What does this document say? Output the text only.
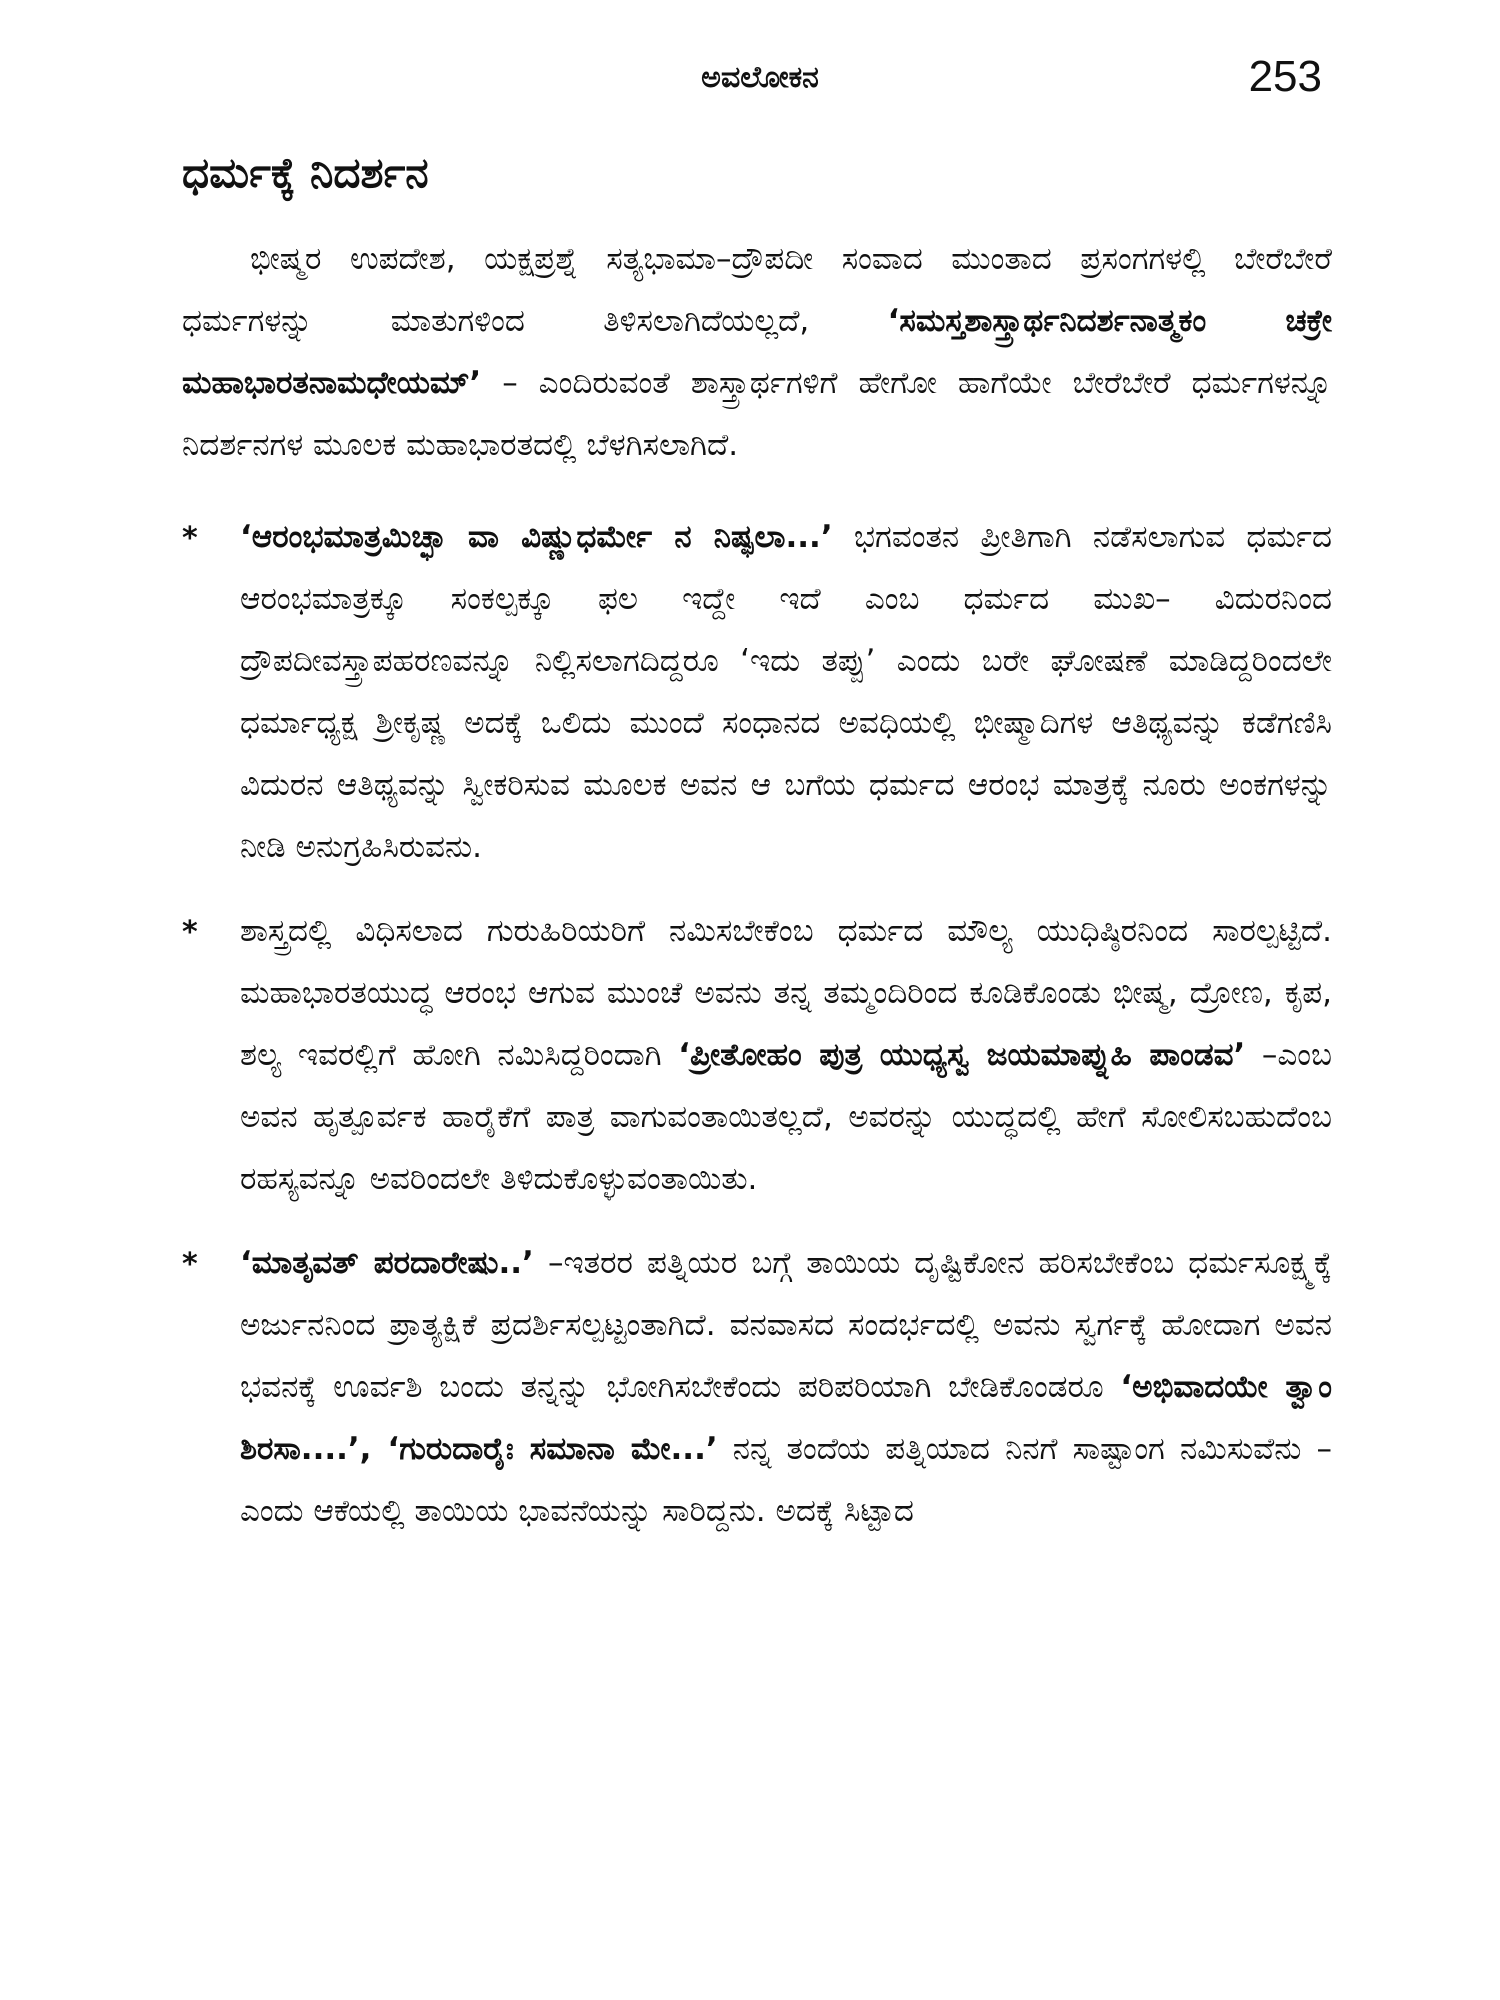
ಅವಲೋಕನ	253
ಧರ್ಮಕ್ಕೆ ನಿದರ್ಶನ

ಭೀಷ್ಮರ ಉಪದೇಶ, ಯಕ್ಷಪ್ರಶ್ನೆ ಸತ್ಯಭಾಮಾ–ದ್ರೌಪದೀ ಸಂವಾದ ಮುಂತಾದ ಪ್ರಸಂಗಗಳಲ್ಲಿ ಬೇರೆಬೇರೆ ಧರ್ಮಗಳನ್ನು ಮಾತುಗಳಿಂದ ತಿಳಿಸಲಾಗಿದೆಯಲ್ಲದೆ, ‘ಸಮಸ್ತಶಾಸ್ತ್ರಾರ್ಥನಿದರ್ಶನಾತ್ಮಕಂ ಚಕ್ರೇ ಮಹಾಭಾರತನಾಮಧೇಯಮ್’ – ಎಂದಿರುವಂತೆ ಶಾಸ್ತ್ರಾರ್ಥಗಳಿಗೆ ಹೇಗೋ ಹಾಗೆಯೇ ಬೇರೆಬೇರೆ ಧರ್ಮಗಳನ್ನೂ ನಿದರ್ಶನಗಳ ಮೂಲಕ ಮಹಾಭಾರತದಲ್ಲಿ ಬೆಳಗಿಸಲಾಗಿದೆ.

* ‘ಆರಂಭಮಾತ್ರಮಿಚ್ಛಾ ವಾ ವಿಷ್ಣುಧರ್ಮೇ ನ ನಿಷ್ಫಲಾ...’ ಭಗವಂತನ ಪ್ರೀತಿಗಾಗಿ ನಡೆಸಲಾಗುವ ಧರ್ಮದ ಆರಂಭಮಾತ್ರಕ್ಕೂ ಸಂಕಲ್ಪಕ್ಕೂ ಫಲ ಇದ್ದೇ ಇದೆ ಎಂಬ ಧರ್ಮದ ಮುಖ– ವಿದುರನಿಂದ ದ್ರೌಪದೀವಸ್ತ್ರಾಪಹರಣವನ್ನೂ ನಿಲ್ಲಿಸಲಾಗದಿದ್ದರೂ ‘ಇದು ತಪ್ಪು’ ಎಂದು ಬರೇ ಘೋಷಣೆ ಮಾಡಿದ್ದರಿಂದಲೇ ಧರ್ಮಾಧ್ಯಕ್ಷ ಶ್ರೀಕೃಷ್ಣ ಅದಕ್ಕೆ ಒಲಿದು ಮುಂದೆ ಸಂಧಾನದ ಅವಧಿಯಲ್ಲಿ ಭೀಷ್ಮಾದಿಗಳ ಆತಿಥ್ಯವನ್ನು ಕಡೆಗಣಿಸಿ ವಿದುರನ ಆತಿಥ್ಯವನ್ನು ಸ್ವೀಕರಿಸುವ ಮೂಲಕ ಅವನ ಆ ಬಗೆಯ ಧರ್ಮದ ಆರಂಭ ಮಾತ್ರಕ್ಕೆ ನೂರು ಅಂಕಗಳನ್ನು ನೀಡಿ ಅನುಗ್ರಹಿಸಿರುವನು.
* ಶಾಸ್ತ್ರದಲ್ಲಿ ವಿಧಿಸಲಾದ ಗುರುಹಿರಿಯರಿಗೆ ನಮಿಸಬೇಕೆಂಬ ಧರ್ಮದ ಮೌಲ್ಯ ಯುಧಿಷ್ಠಿರನಿಂದ ಸಾರಲ್ಪಟ್ಟಿದೆ. ಮಹಾಭಾರತಯುದ್ಧ ಆರಂಭ ಆಗುವ ಮುಂಚೆ ಅವನು ತನ್ನ ತಮ್ಮಂದಿರಿಂದ ಕೂಡಿಕೊಂಡು ಭೀಷ್ಮ, ದ್ರೋಣ, ಕೃಪ, ಶಲ್ಯ ಇವರಲ್ಲಿಗೆ ಹೋಗಿ ನಮಿಸಿದ್ದರಿಂದಾಗಿ ‘ಪ್ರೀತೋಹಂ ಪುತ್ರ ಯುಧ್ಯಸ್ವ ಜಯಮಾಪ್ನುಹಿ ಪಾಂಡವ’ –ಎಂಬ ಅವನ ಹೃತ್ಪೂರ್ವಕ ಹಾರೈಕೆಗೆ ಪಾತ್ರ ವಾಗುವಂತಾಯಿತಲ್ಲದೆ, ಅವರನ್ನು ಯುದ್ಧದಲ್ಲಿ ಹೇಗೆ ಸೋಲಿಸಬಹುದೆಂಬ ರಹಸ್ಯವನ್ನೂ ಅವರಿಂದಲೇ ತಿಳಿದುಕೊಳ್ಳುವಂತಾಯಿತು.
* ‘ಮಾತೃವತ್ ಪರದಾರೇಷು..’ –ಇತರರ ಪತ್ನಿಯರ ಬಗ್ಗೆ ತಾಯಿಯ ದೃಷ್ಟಿಕೋನ ಹರಿಸಬೇಕೆಂಬ ಧರ್ಮಸೂಕ್ಷ್ಮಕ್ಕೆ ಅರ್ಜುನನಿಂದ ಪ್ರಾತ್ಯಕ್ಷಿಕೆ ಪ್ರದರ್ಶಿಸಲ್ಪಟ್ಟಂತಾಗಿದೆ. ವನವಾಸದ ಸಂದರ್ಭದಲ್ಲಿ ಅವನು ಸ್ವರ್ಗಕ್ಕೆ ಹೋದಾಗ ಅವನ ಭವನಕ್ಕೆ ಊರ್ವಶಿ ಬಂದು ತನ್ನನ್ನು ಭೋಗಿಸಬೇಕೆಂದು ಪರಿಪರಿಯಾಗಿ ಬೇಡಿಕೊಂಡರೂ ‘ಅಭಿವಾದಯೇ ತ್ವಾಂ ಶಿರಸಾ....’, ‘ಗುರುದಾರೈಃ ಸಮಾನಾ ಮೇ...’ ನನ್ನ ತಂದೆಯ ಪತ್ನಿಯಾದ ನಿನಗೆ ಸಾಷ್ಟಾಂಗ ನಮಿಸುವೆನು – ಎಂದು ಆಕೆಯಲ್ಲಿ ತಾಯಿಯ ಭಾವನೆಯನ್ನು ಸಾರಿದ್ದನು. ಅದಕ್ಕೆ ಸಿಟ್ಟಾದ
